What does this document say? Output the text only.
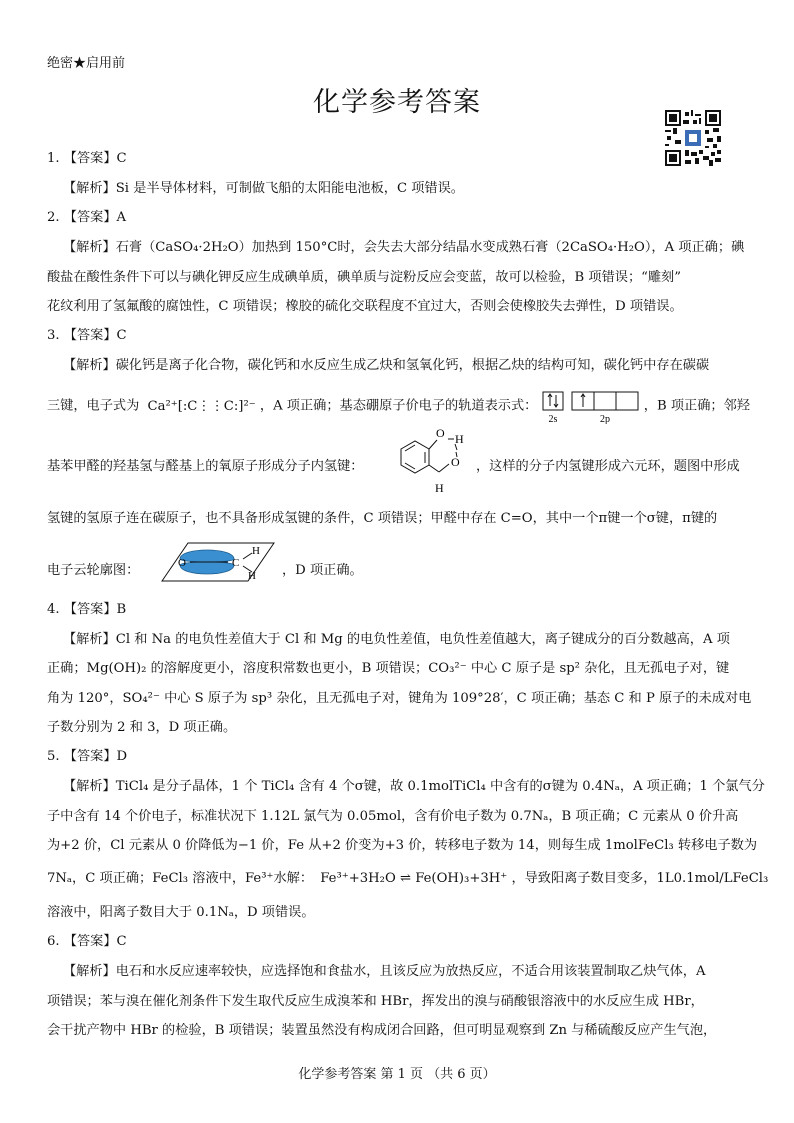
绝密★启用前
化学参考答案
1. 【答案】C
【解析】Si 是半导体材料，可制做飞船的太阳能电池板，C 项错误。
2. 【答案】A
【解析】石膏（CaSO₄·2H₂O）加热到 150°C时，会失去大部分结晶水变成熟石膏（2CaSO₄·H₂O），A 项正确；碘
酸盐在酸性条件下可以与碘化钾反应生成碘单质，碘单质与淀粉反应会变蓝，故可以检验，B 项错误；“雕刻”
花纹利用了氢氟酸的腐蚀性，C 项错误；橡胶的硫化交联程度不宜过大，否则会使橡胶失去弹性，D 项错误。
3. 【答案】C
【解析】碳化钙是离子化合物，碳化钙和水反应生成乙炔和氢氧化钙，根据乙炔的结构可知，碳化钙中存在碳碳
三键，电子式为 Ca²⁺[:C⋮⋮C:]²⁻ ，A 项正确；基态硼原子价电子的轨道表示式：
2s	2p
，B 项正确；邻羟
基苯甲醛的羟基氢与醛基上的氧原子形成分子内氢键：
O H
O
H
，这样的分子内氢键形成六元环，题图中形成
氢键的氢原子连在碳原子，也不具备形成氢键的条件，C 项错误；甲醛中存在 C=O，其中一个π键一个σ键，π键的
电子云轮廓图：	O	C
H
H ，D 项正确。
4. 【答案】B
【解析】Cl 和 Na 的电负性差值大于 Cl 和 Mg 的电负性差值，电负性差值越大，离子键成分的百分数越高，A 项
正确；Mg(OH)₂ 的溶解度更小，溶度积常数也更小，B 项错误；CO₃²⁻ 中心 C 原子是 sp² 杂化，且无孤电子对，键
角为 120°，SO₄²⁻ 中心 S 原子为 sp³ 杂化，且无孤电子对，键角为 109°28′，C 项正确；基态 C 和 P 原子的未成对电
子数分别为 2 和 3，D 项正确。
5. 【答案】D
【解析】TiCl₄ 是分子晶体，1 个 TiCl₄ 含有 4 个σ键，故 0.1molTiCl₄ 中含有的σ键为 0.4Nₐ，A 项正确；1 个氯气分
子中含有 14 个价电子，标准状况下 1.12L 氯气为 0.05mol，含有价电子数为 0.7Nₐ，B 项正确；C 元素从 0 价升高
为+2 价，Cl 元素从 0 价降低为−1 价，Fe 从+2 价变为+3 价，转移电子数为 14，则每生成 1molFeCl₃ 转移电子数为
7Nₐ，C 项正确；FeCl₃ 溶液中，Fe³⁺水解： Fe³⁺+3H₂O ⇌ Fe(OH)₃+3H⁺ ，导致阳离子数目变多，1L0.1mol/LFeCl₃
溶液中，阳离子数目大于 0.1Nₐ，D 项错误。
6. 【答案】C
【解析】电石和水反应速率较快，应选择饱和食盐水，且该反应为放热反应，不适合用该装置制取乙炔气体，A
项错误；苯与溴在催化剂条件下发生取代反应生成溴苯和 HBr，挥发出的溴与硝酸银溶液中的水反应生成 HBr，
会干扰产物中 HBr 的检验，B 项错误；装置虽然没有构成闭合回路，但可明显观察到 Zn 与稀硫酸反应产生气泡，
化学参考答案 第 1 页 （共 6 页）
